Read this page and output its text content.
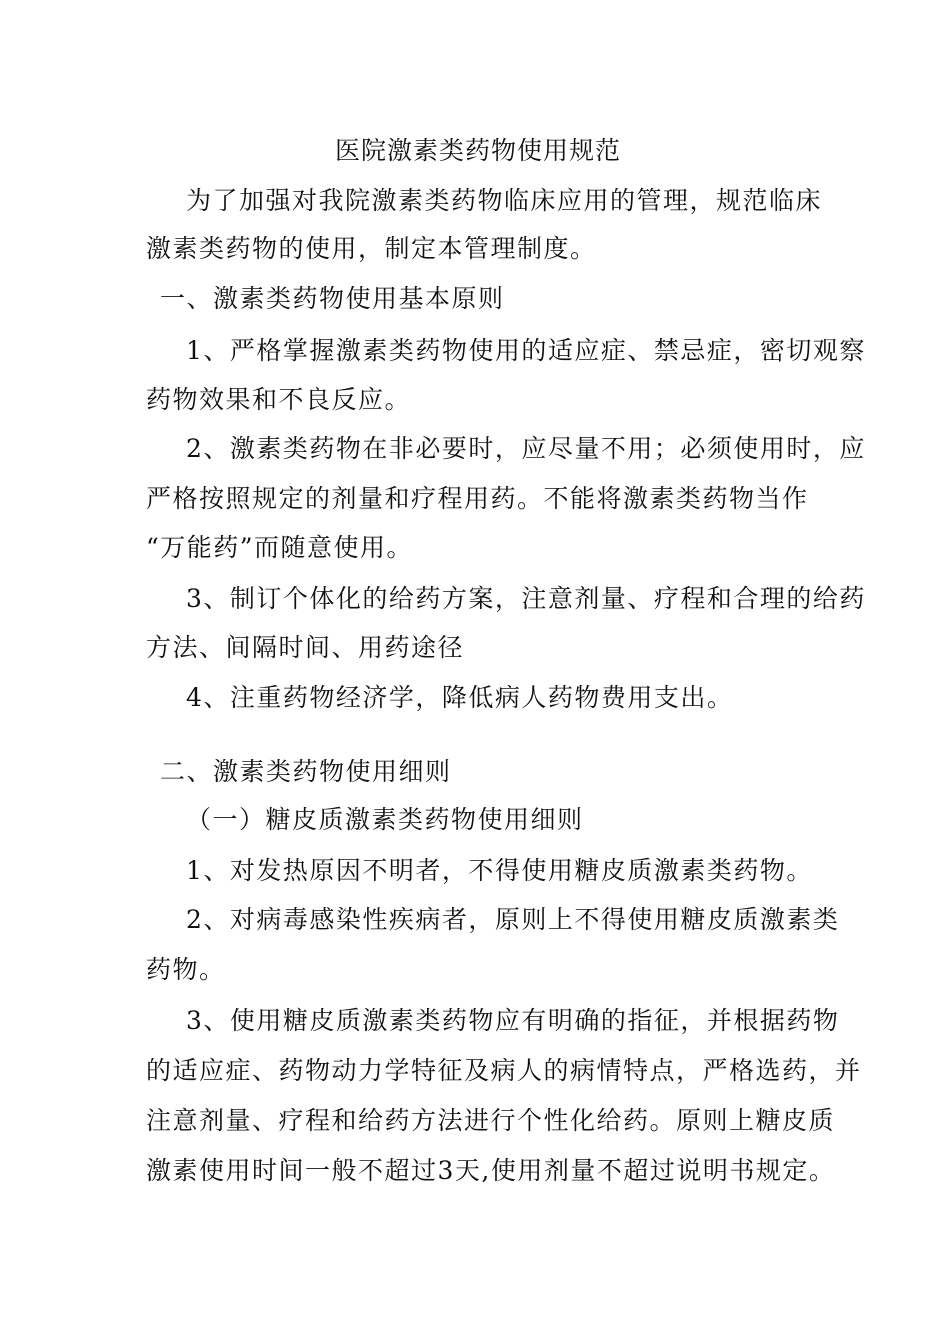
医院激素类药物使用规范
为了加强对我院激素类药物临床应用的管理，规范临床
激素类药物的使用，制定本管理制度。
一、激素类药物使用基本原则
1、严格掌握激素类药物使用的适应症、禁忌症，密切观察
药物效果和不良反应。
2、激素类药物在非必要时，应尽量不用；必须使用时，应
严格按照规定的剂量和疗程用药。不能将激素类药物当作
“万能药”而随意使用。
3、制订个体化的给药方案，注意剂量、疗程和合理的给药
方法、间隔时间、用药途径
4、注重药物经济学，降低病人药物费用支出。
二、激素类药物使用细则
（一）糖皮质激素类药物使用细则
1、对发热原因不明者，不得使用糖皮质激素类药物。
2、对病毒感染性疾病者，原则上不得使用糖皮质激素类
药物。
3、使用糖皮质激素类药物应有明确的指征，并根据药物
的适应症、药物动力学特征及病人的病情特点，严格选药，并
注意剂量、疗程和给药方法进行个性化给药。原则上糖皮质
激素使用时间一般不超过3天,使用剂量不超过说明书规定。
